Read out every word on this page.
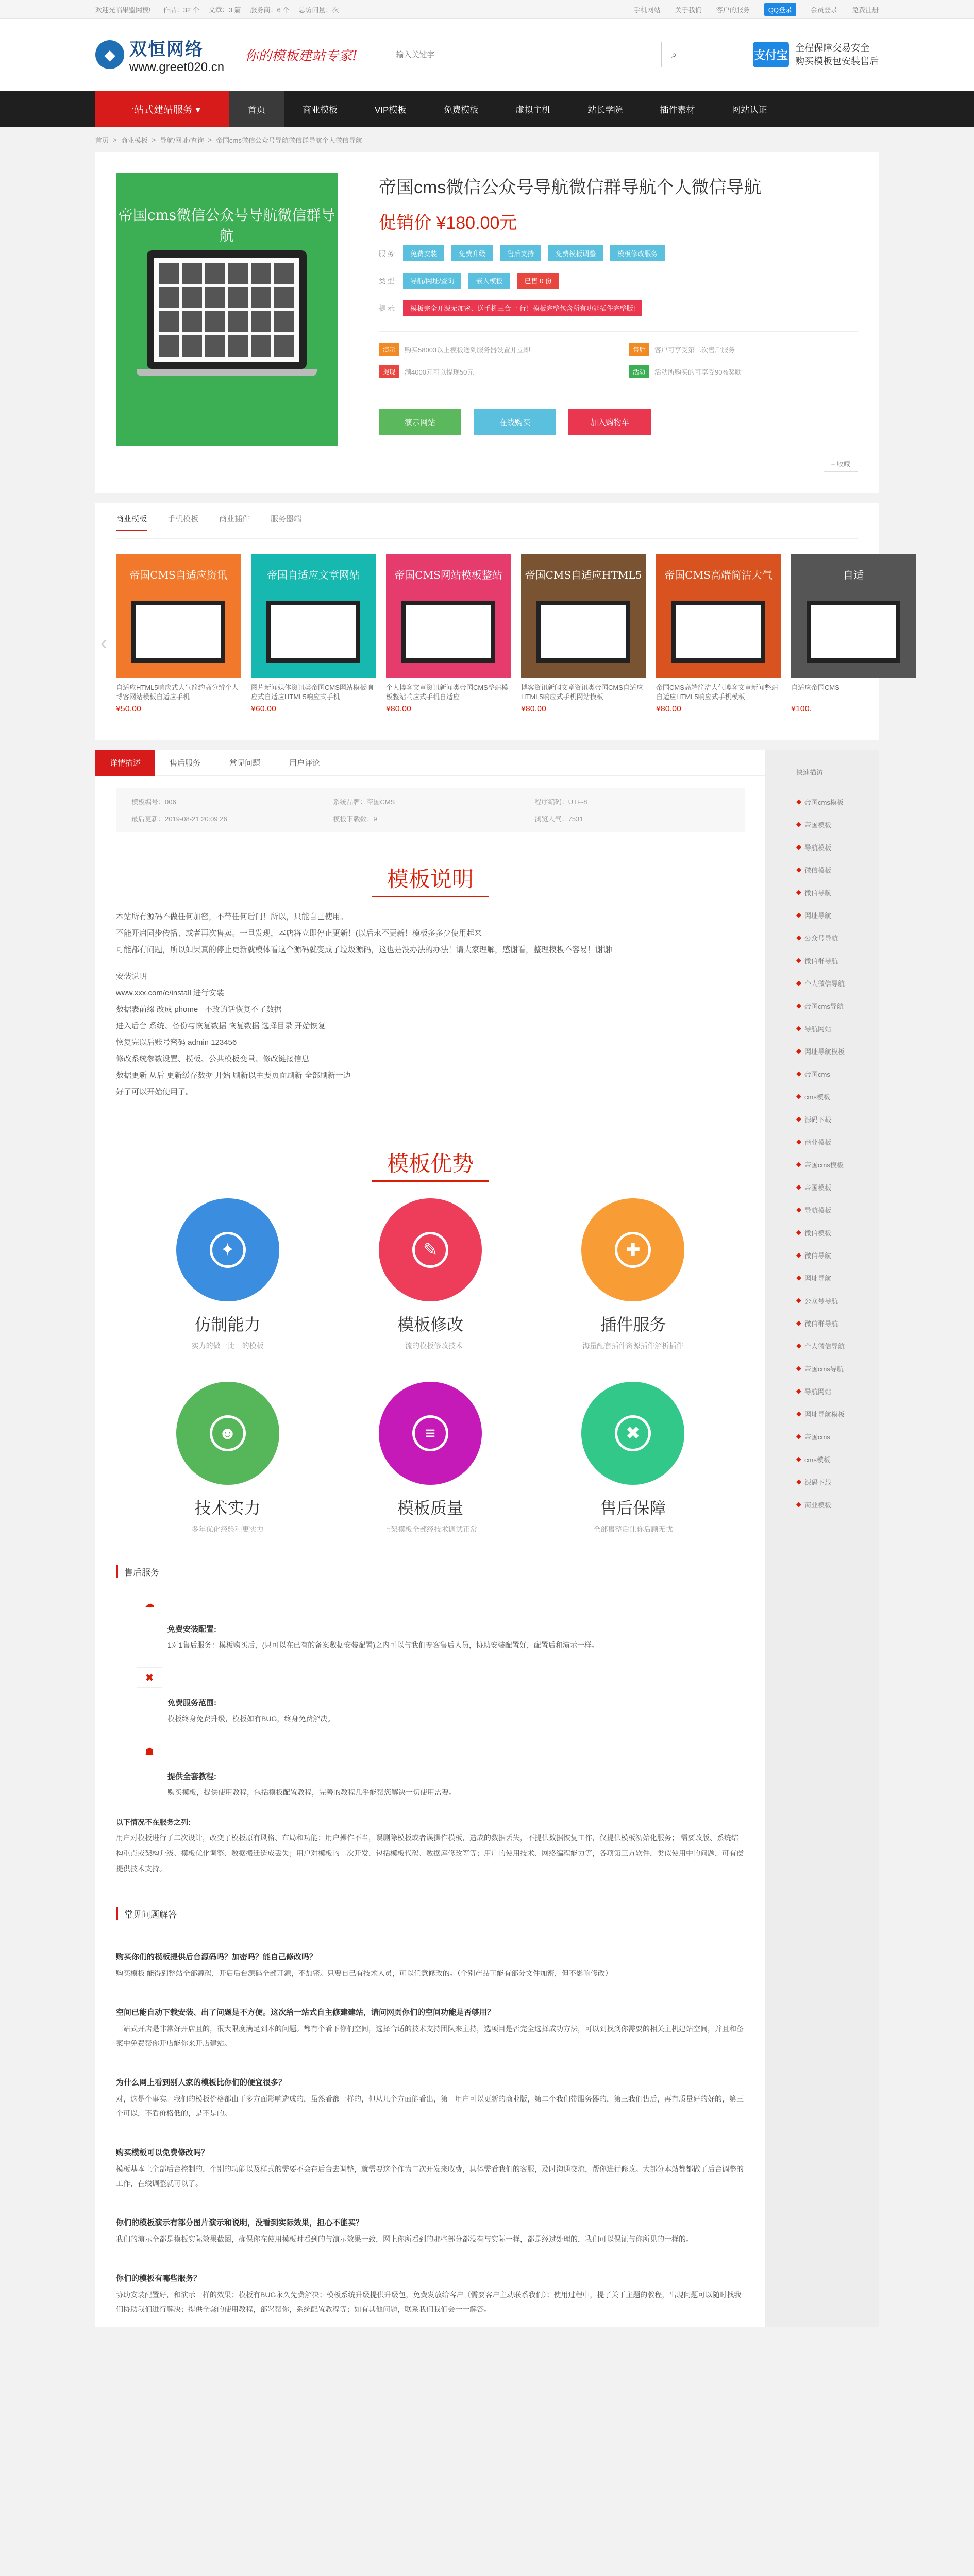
欢迎光临果盟网模! 作品：32 个 文章：3 篇 服务商：6 个 总访问量：次	手机网站 关于我们 客户的服务	QQ登录	会员登录 免费注册
◆ 双恒网络
www.greet020.cn
你的模板建站专家!
输入关键字	⌕	支付宝
全程保障交易安全
购买模板包安装售后
一站式建站服务 ▾	首页	商业模板	VIP模板	免费模板	虚拟主机	站长学院	插件素材	网站认证
首页 > 商业模板 > 导航/网址/查询 > 帝国cms微信公众号导航微信群导航个人微信导航
帝国cms微信公众号导航微信群导航
帝国cms微信公众号导航微信群导航个人微信导航
促销价 ¥180.00元
服 务:	免费安装	免费升级	售后支持	免费模板调整	模板修改服务
类 型:	导航/网址/查询	嵌入模板	已售 0 份
提 示:	模板完全开源无加密、送手机三合一 行！模板完整包含所有功能插件完整版!
演示	购买58003以上模板送到服务器设置并立即	售后	客户可享受第二次售后服务
提现	满4000元可以提现50元	活动	活动所购买的可享受90%奖励
演示网站	在线购买	加入购物车
+ 收藏
商业模板	手机模板	商业插件	服务器端
‹
帝国CMS自适应资讯
自适应HTML5响应式大气简约高分辨个人博客网站模板自适应手机
¥50.00
帝国自适应文章网站
图片新闻媒体资讯类帝国CMS网站模板响应式自适应HTML5响应式手机
¥60.00
帝国CMS网站模板整站
个人博客文章资讯新闻类帝国CMS整站模板整站响应式手机自适应
¥80.00
帝国CMS自适应HTML5
博客资讯新闻文章资讯类帝国CMS自适应HTML5响应式手机网站模板
¥80.00
帝国CMS高端简洁大气
帝国CMS高端简洁大气博客文章新闻整站自适应HTML5响应式手机模板
¥80.00
自适
自适应帝国CMS
¥100.
详情描述	售后服务	常见问题	用户评论
模板编号：006	系统品牌：帝国CMS	程序编码：UTF-8
最后更新：2019-08-21 20:09:26	模板下载数：9	浏览人气：7531
模板说明
本站所有源码不做任何加密，不带任何后门！所以，只能自己使用。
不能开启同步传播、或者再次售卖。一旦发现，本店将立即停止更新！(以后永不更新！模板多多少使用起来
可能都有问题，所以如果真的停止更新就模体看这个源码就变成了垃圾源码，这也是没办法的办法！请大家理解，感谢看，整理模板不容易！谢谢!
安装说明
www.xxx.com/e/install 进行安装
数据表前缀 改成 phome_ 不改的话恢复不了数据
进入后台 系统、备份与恢复数据 恢复数据 选择目录 开始恢复
恢复完以后账号密码 admin 123456
修改系统参数设置、模板、公共模板变量、修改链接信息
数据更新 从后 更新缓存数据 开始 刷新以主要页面刷新 全部刷新一边
好了可以开始使用了。
模板优势
✦
仿制能力

实力的做一比一的模板

✎
模板修改

一流的模板修改技术

✚
插件服务

海量配套插件资源插件解析插件

☻
技术实力

多年优化经验和更实力

≡
模板质量

上架模板全部经技术调试正常

✖
售后保障

全部售整后让你后顾无忧

售后服务
☁
免费安装配置:

1对1售后服务：模板购买后，(只可以在已有的备案数据安装配置)之内可以与我们专客售后人员，协助安装配置好，配置后和演示一样。

✖
免费服务范围:

模板终身免费升级，模板如有BUG，终身免费解决。

☗
提供全套教程:

购买模板，提供使用教程，包括模板配置教程，完善的教程几乎能帮您解决一切使用需要。

以下情况不在服务之列:
用户对模板进行了二次设计，改变了模板原有风格、布局和功能；用户操作不当，误删除模板或者误操作模板，造成的数据丢失，不提供数据恢复工作，仅提供模板初始化服务；​ 需要改版、系统结构重点或架构升级、模板优化调整、数据搬迁造成丢失；用户对模板的二次开发，包括模板代码、数据库修改等等；用户的使用技术、网络编程能力等，各项第三方软件，类似使用中的问题，可有偿提供技术支持。
常见问题解答
购买你们的模板提供后台源码吗？加密吗？能自己修改吗？
购买模板 能得到整站全部源码，开启后台源码全部开源，不加密。只要自己有技术人员，可以任意修改的。（个别产品可能有部分文件加密，但不影响修改）
空间已能自动下载安装、出了问题是不方便。这次给一站式自主修建建站，请问网页你们的空间功能是否够用？
一站式开店是非常好开店且的，很大限度满足到本的问题。都有个看下你们空间，选择合适的技术支持团队来主持，选项目是否完全选择成功方法，可以到找到你需要的相关主机建站空间，并且和备案中免费帮你开店能你来开店建站。
为什么网上看到别人家的模板比你们的便宜很多？
对，这是个事实。我们的模板价格都由于多方面影响造成的，虽然看都一样的，但从几个方面能看出，第一用户可以更新的商业版，第二个我们带服务器的，第三我们售后，再有质量好的好的，第三个可以，不看价格低的，是不是的。
购买模板可以免费修改吗？
模板基本上全部后台控制的，个别的功能以及样式的需要不会在后台去调整，就需要这个作为二次开发来收费，具体需看我们的客服，及时沟通交流，帮你进行修改。大部分本站都都做了后台调整的工作，在线调整就可以了。
你们的模板演示有部分图片演示和说明，没看到实际效果，担心不能买？
我们的演示全都是模板实际效果截图，确保你在使用模板时看到的与演示效果一致，网上你所看到的那些部分都没有与实际一样，都是经过处理的，我们可以保证与你所见的一样的。
你们的模板有哪些服务？
协助安装配置好，和演示一样的效果；模板有BUG永久免费解决；模板系统升级提供升级包，免费发放给客户（需要客户主动联系我们）；使用过程中，提了关于主题的教程，出现问题可以随时找我们协助我们进行解决；提供全套的使用教程，部署帮你，系统配置教程等；如有其他问题，联系我们我们会一一解答。
快速描访
◆ 帝国cms模板
◆ 帝国模板
◆ 导航模板
◆ 微信模板
◆ 微信导航
◆ 网址导航
◆ 公众号导航
◆ 微信群导航
◆ 个人微信导航
◆ 帝国cms导航
◆ 导航网站
◆ 网址导航模板
◆ 帝国cms
◆ cms模板
◆ 源码下载
◆ 商业模板
◆ 帝国cms模板
◆ 帝国模板
◆ 导航模板
◆ 微信模板
◆ 微信导航
◆ 网址导航
◆ 公众号导航
◆ 微信群导航
◆ 个人微信导航
◆ 帝国cms导航
◆ 导航网站
◆ 网址导航模板
◆ 帝国cms
◆ cms模板
◆ 源码下载
◆ 商业模板
